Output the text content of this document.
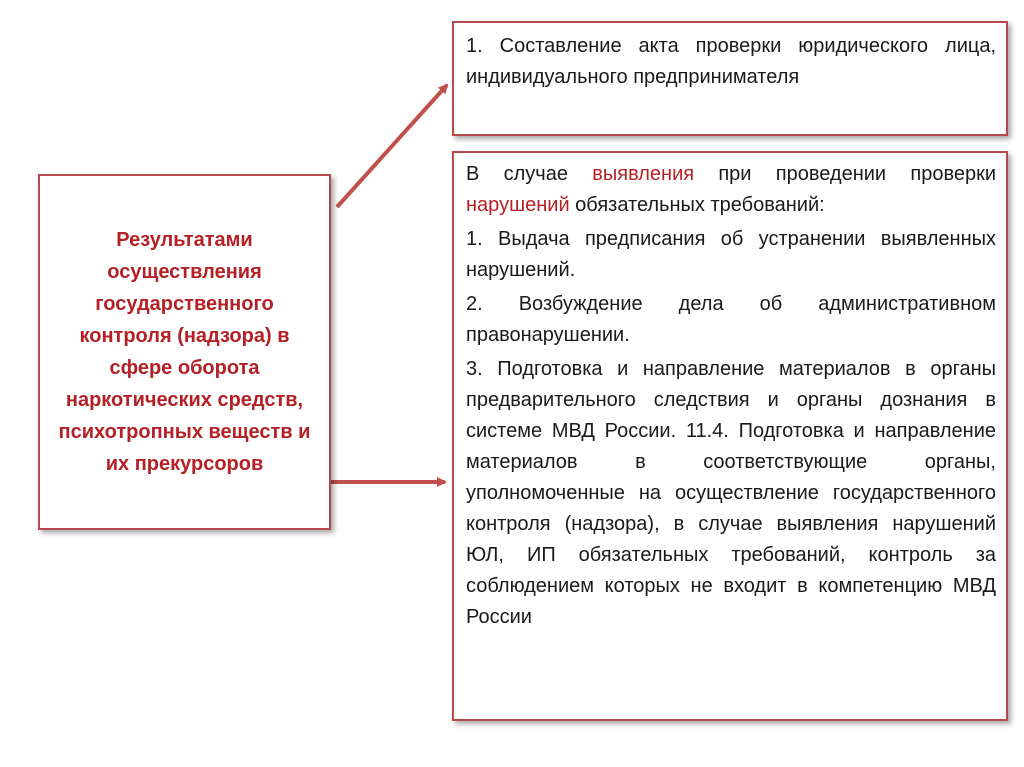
Результатами осуществления государственного контроля (надзора) в сфере оборота наркотических средств, психотропных веществ и их прекурсоров

1. Составление акта проверки юридического лица, индивидуального предпринимателя

В случае выявления при проведении проверки нарушений обязательных требований:

1. Выдача предписания об устранении выявленных нарушений.

2. Возбуждение дела об административном правонарушении.

3. Подготовка и направление материалов в органы предварительного следствия и органы дознания в системе МВД России. 11.4. Подготовка и направление материалов в соответствующие органы, уполномоченные на осуществление государственного контроля (надзора), в случае выявления нарушений ЮЛ, ИП обязательных требований, контроль за соблюдением которых не входит в компетенцию МВД России
